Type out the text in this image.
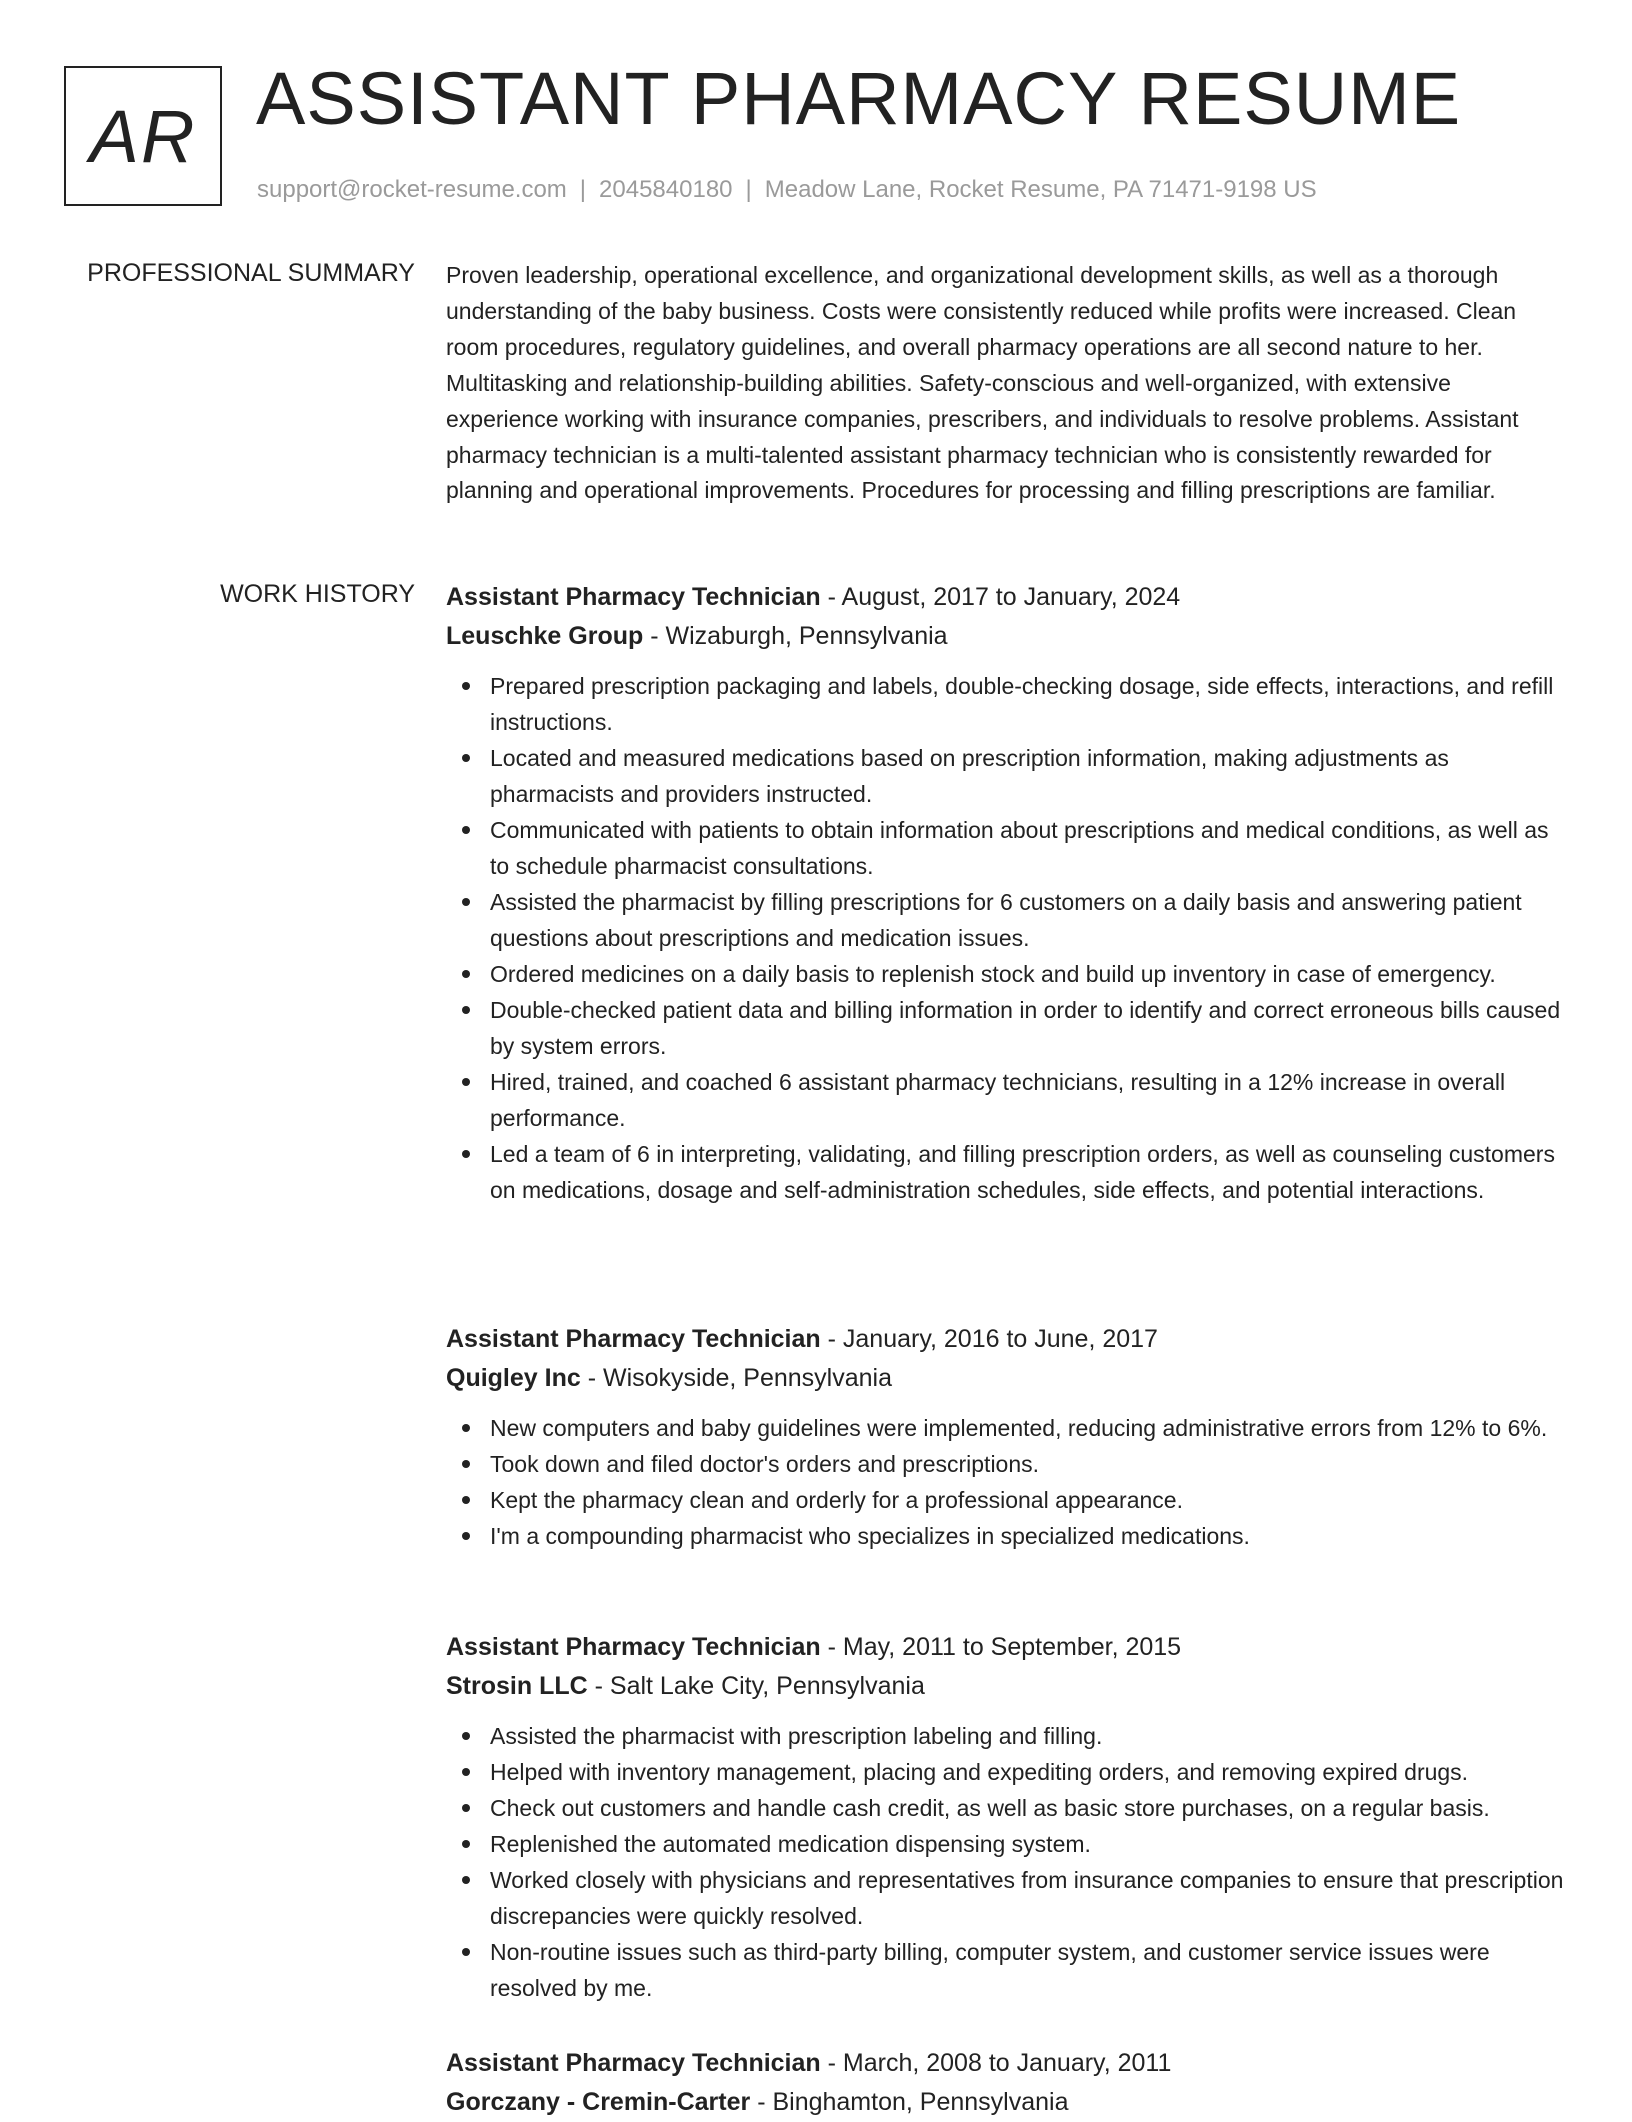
AR ASSISTANT PHARMACY RESUME
support@rocket-resume.com | 2045840180 | Meadow Lane, Rocket Resume, PA 71471-9198 US
PROFESSIONAL SUMMARY Proven leadership, operational excellence, and organizational development skills, as well as a thorough understanding of the baby business. Costs were consistently reduced while profits were increased. Clean room procedures, regulatory guidelines, and overall pharmacy operations are all second nature to her. Multitasking and relationship-building abilities. Safety-conscious and well-organized, with extensive experience working with insurance companies, prescribers, and individuals to resolve problems. Assistant pharmacy technician is a multi-talented assistant pharmacy technician who is consistently rewarded for planning and operational improvements. Procedures for processing and filling prescriptions are familiar.

WORK HISTORY Assistant Pharmacy Technician - August, 2017 to January, 2024
Leuschke Group - Wizaburgh, Pennsylvania
Prepared prescription packaging and labels, double-checking dosage, side effects, interactions, and refill instructions.
Located and measured medications based on prescription information, making adjustments as pharmacists and providers instructed.
Communicated with patients to obtain information about prescriptions and medical conditions, as well as to schedule pharmacist consultations.
Assisted the pharmacist by filling prescriptions for 6 customers on a daily basis and answering patient questions about prescriptions and medication issues.
Ordered medicines on a daily basis to replenish stock and build up inventory in case of emergency.
Double-checked patient data and billing information in order to identify and correct erroneous bills caused by system errors.
Hired, trained, and coached 6 assistant pharmacy technicians, resulting in a 12% increase in overall performance.
Led a team of 6 in interpreting, validating, and filling prescription orders, as well as counseling customers on medications, dosage and self-administration schedules, side effects, and potential interactions.
Assistant Pharmacy Technician - January, 2016 to June, 2017
Quigley Inc - Wisokyside, Pennsylvania
New computers and baby guidelines were implemented, reducing administrative errors from 12% to 6%.
Took down and filed doctor's orders and prescriptions.
Kept the pharmacy clean and orderly for a professional appearance.
I'm a compounding pharmacist who specializes in specialized medications.
Assistant Pharmacy Technician - May, 2011 to September, 2015
Strosin LLC - Salt Lake City, Pennsylvania
Assisted the pharmacist with prescription labeling and filling.
Helped with inventory management, placing and expediting orders, and removing expired drugs.
Check out customers and handle cash credit, as well as basic store purchases, on a regular basis.
Replenished the automated medication dispensing system.
Worked closely with physicians and representatives from insurance companies to ensure that prescription discrepancies were quickly resolved.
Non-routine issues such as third-party billing, computer system, and customer service issues were resolved by me.
Assistant Pharmacy Technician - March, 2008 to January, 2011
Gorczany - Cremin-Carter - Binghamton, Pennsylvania
